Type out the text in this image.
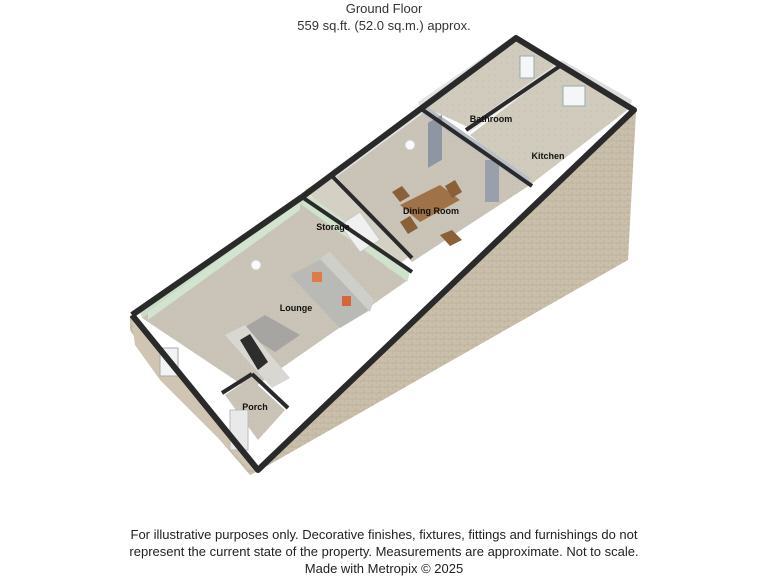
Ground Floor
559 sq.ft. (52.0 sq.m.) approx.
Bathroom
Kitchen
Dining Room
Storage
Lounge
Porch
For illustrative purposes only. Decorative finishes, fixtures, fittings and furnishings do not
represent the current state of the property. Measurements are approximate. Not to scale.
Made with Metropix © 2025
